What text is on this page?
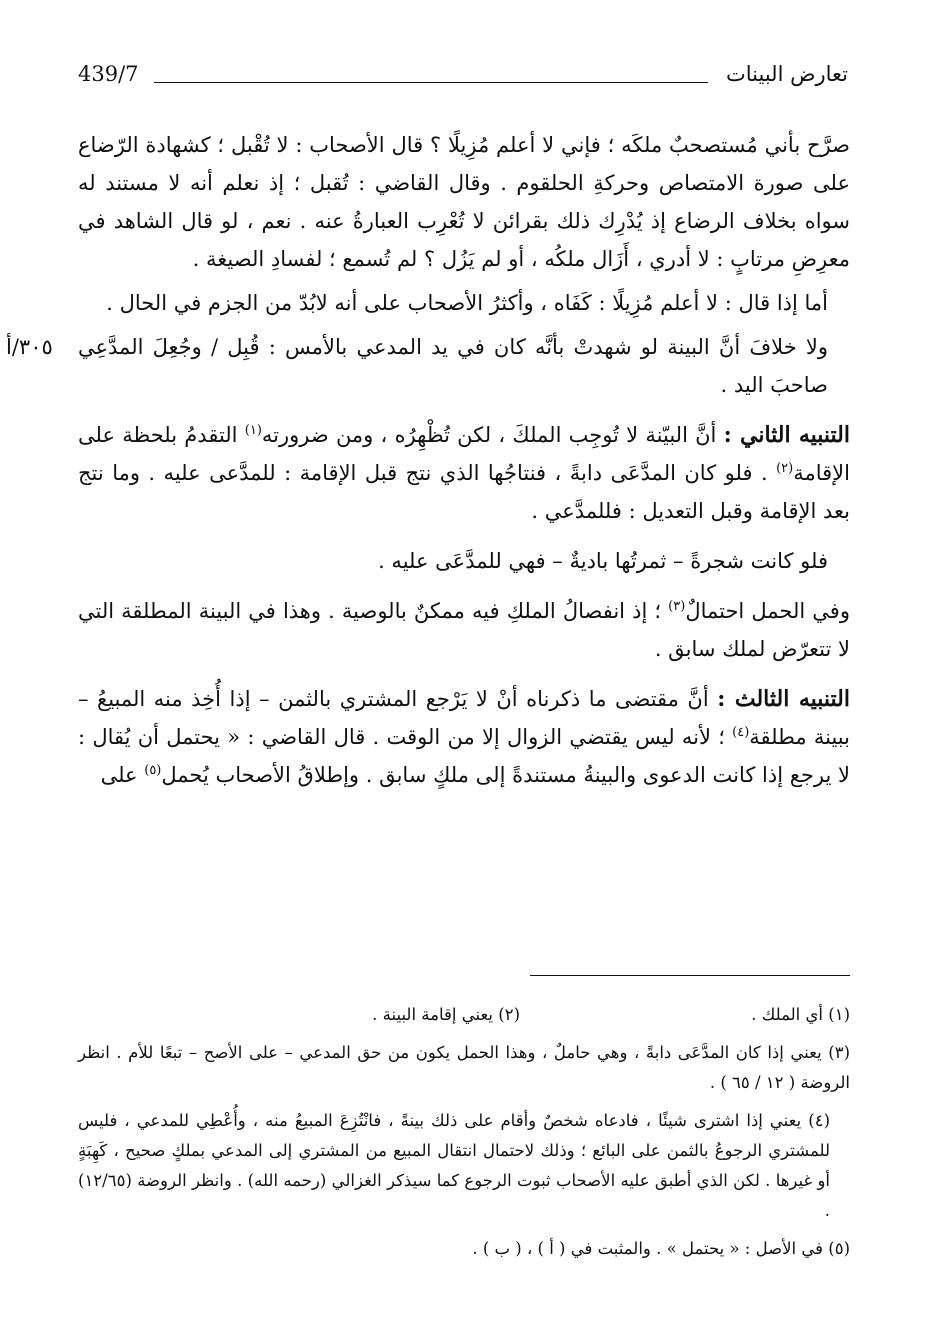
تعارض البينات
439/7

صرَّح بأني مُستصحبٌ ملكَه ؛ فإني لا أعلم مُزِيلًا ؟ قال الأصحاب : لا تُقْبل ؛ كشهادة الرّضاع على صورة الامتصاص وحركةِ الحلقوم . وقال القاضي : تُقبل ؛ إذ نعلم أنه لا مستند له سواه بخلاف الرضاع إذ يُدْرِك ذلك بقرائن لا تُعْرِب العبارةُ عنه . نعم ، لو قال الشاهد في معرِضِ مرتابٍ : لا أدري ، أَزَال ملكُه ، أو لم يَزُل ؟ لم تُسمع ؛ لفسادِ الصيغة .

أما إذا قال : لا أعلم مُزِيلًا : كَفَاه ، وأكثرُ الأصحاب على أنه لابُدّ من الجزم في الحال .

ولا خلافَ أنَّ البينة لو شهدتْ بأنَّه كان في يد المدعي بالأمس : قُبِل / وجُعِلَ المدَّعِي صاحبَ اليد .
٣٠٥/أ

التنبيه الثاني : أنَّ البيّنة لا تُوجِب الملكَ ، لكن تُظْهِرُه ، ومن ضرورته$^{(١)}$ التقدمُ بلحظة على الإقامة$^{(٢)}$ . فلو كان المدَّعَى دابةً ، فنتاجُها الذي نتج قبل الإقامة : للمدَّعى عليه . وما نتج بعد الإقامة وقبل التعديل : فللمدَّعي .

فلو كانت شجرةً – ثمرتُها باديةٌ – فهي للمدَّعَى عليه .

وفي الحمل احتمالٌ$^{(٣)}$ ؛ إذ انفصالُ الملكِ فيه ممكنٌ بالوصية . وهذا في البينة المطلقة التي لا تتعرّض لملك سابق .

التنبيه الثالث : أنَّ مقتضى ما ذكرناه أنْ لا يَرْجع المشتري بالثمن – إذا أُخِذ منه المبيعُ – ببينة مطلقة$^{(٤)}$ ؛ لأنه ليس يقتضي الزوال إلا من الوقت . قال القاضي : « يحتمل أن يُقال : لا يرجع إذا كانت الدعوى والبينةُ مستندةً إلى ملكٍ سابق . وإطلاقُ الأصحاب يُحمل$^{(٥)}$ على

(١) أي الملك .
(٢) يعني إقامة البينة .

(٣) يعني إذا كان المدَّعَى دابةً ، وهي حاملٌ ، وهذا الحمل يكون من حق المدعي – على الأصح – تبعًا للأم . انظر الروضة ( ١٢ / ٦٥ ) .

(٤) يعني إذا اشترى شيئًا ، فادعاه شخصٌ وأقام على ذلك بينةً ، فانْتُزِعَ المبيعُ منه ، وأُعْطِي للمدعي ، فليس للمشتري الرجوعُ بالثمن على البائع ؛ وذلك لاحتمال انتقال المبيع من المشتري إلى المدعي بملكٍ صحيح ، كَهِبَةٍ أو غيرها . لكن الذي أطبق عليه الأصحاب ثبوت الرجوع كما سيذكر الغزالي (رحمه الله) . وانظر الروضة (١٢/٦٥) .

(٥) في الأصل : « يحتمل » . والمثبت في ( أ ) ، ( ب ) .
